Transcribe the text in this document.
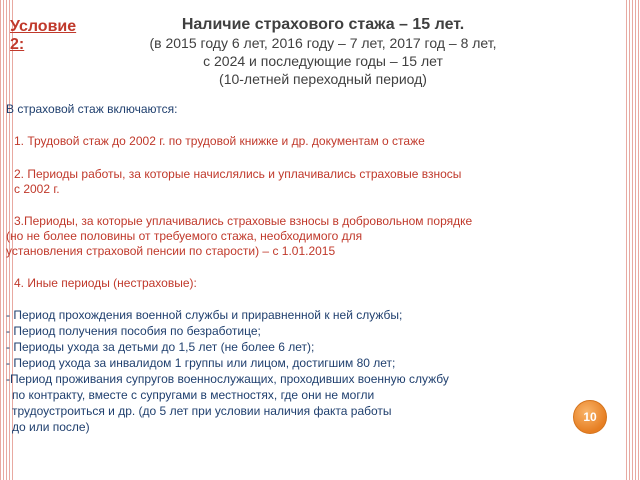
Условие
2:
Наличие страхового стажа – 15 лет.
(в 2015 году 6 лет, 2016 году – 7 лет, 2017 год – 8 лет,
с 2024 и последующие годы – 15 лет
(10-летней переходный период)
В страховой стаж включаются:
1. Трудовой стаж до 2002 г. по трудовой книжке и др. документам о стаже
2. Периоды работы, за которые начислялись и уплачивались страховые взносы
с 2002 г.
3.Периоды, за которые уплачивались страховые взносы в добровольном порядке
(но не более половины от требуемого стажа, необходимого для
установления страховой пенсии по старости) – с 1.01.2015
4. Иные периоды (нестраховые):
- Период прохождения военной службы и приравненной к ней службы;
- Период получения пособия по безработице;
- Периоды ухода за детьми до 1,5 лет (не более 6 лет);
- Период ухода за инвалидом 1 группы или лицом, достигшим 80 лет;
-Период проживания супругов военнослужащих, проходивших военную службу
по контракту, вместе с супругами в местностях, где они не могли
трудоустроиться и др. (до 5 лет при условии наличия факта работы
до или после)
10
